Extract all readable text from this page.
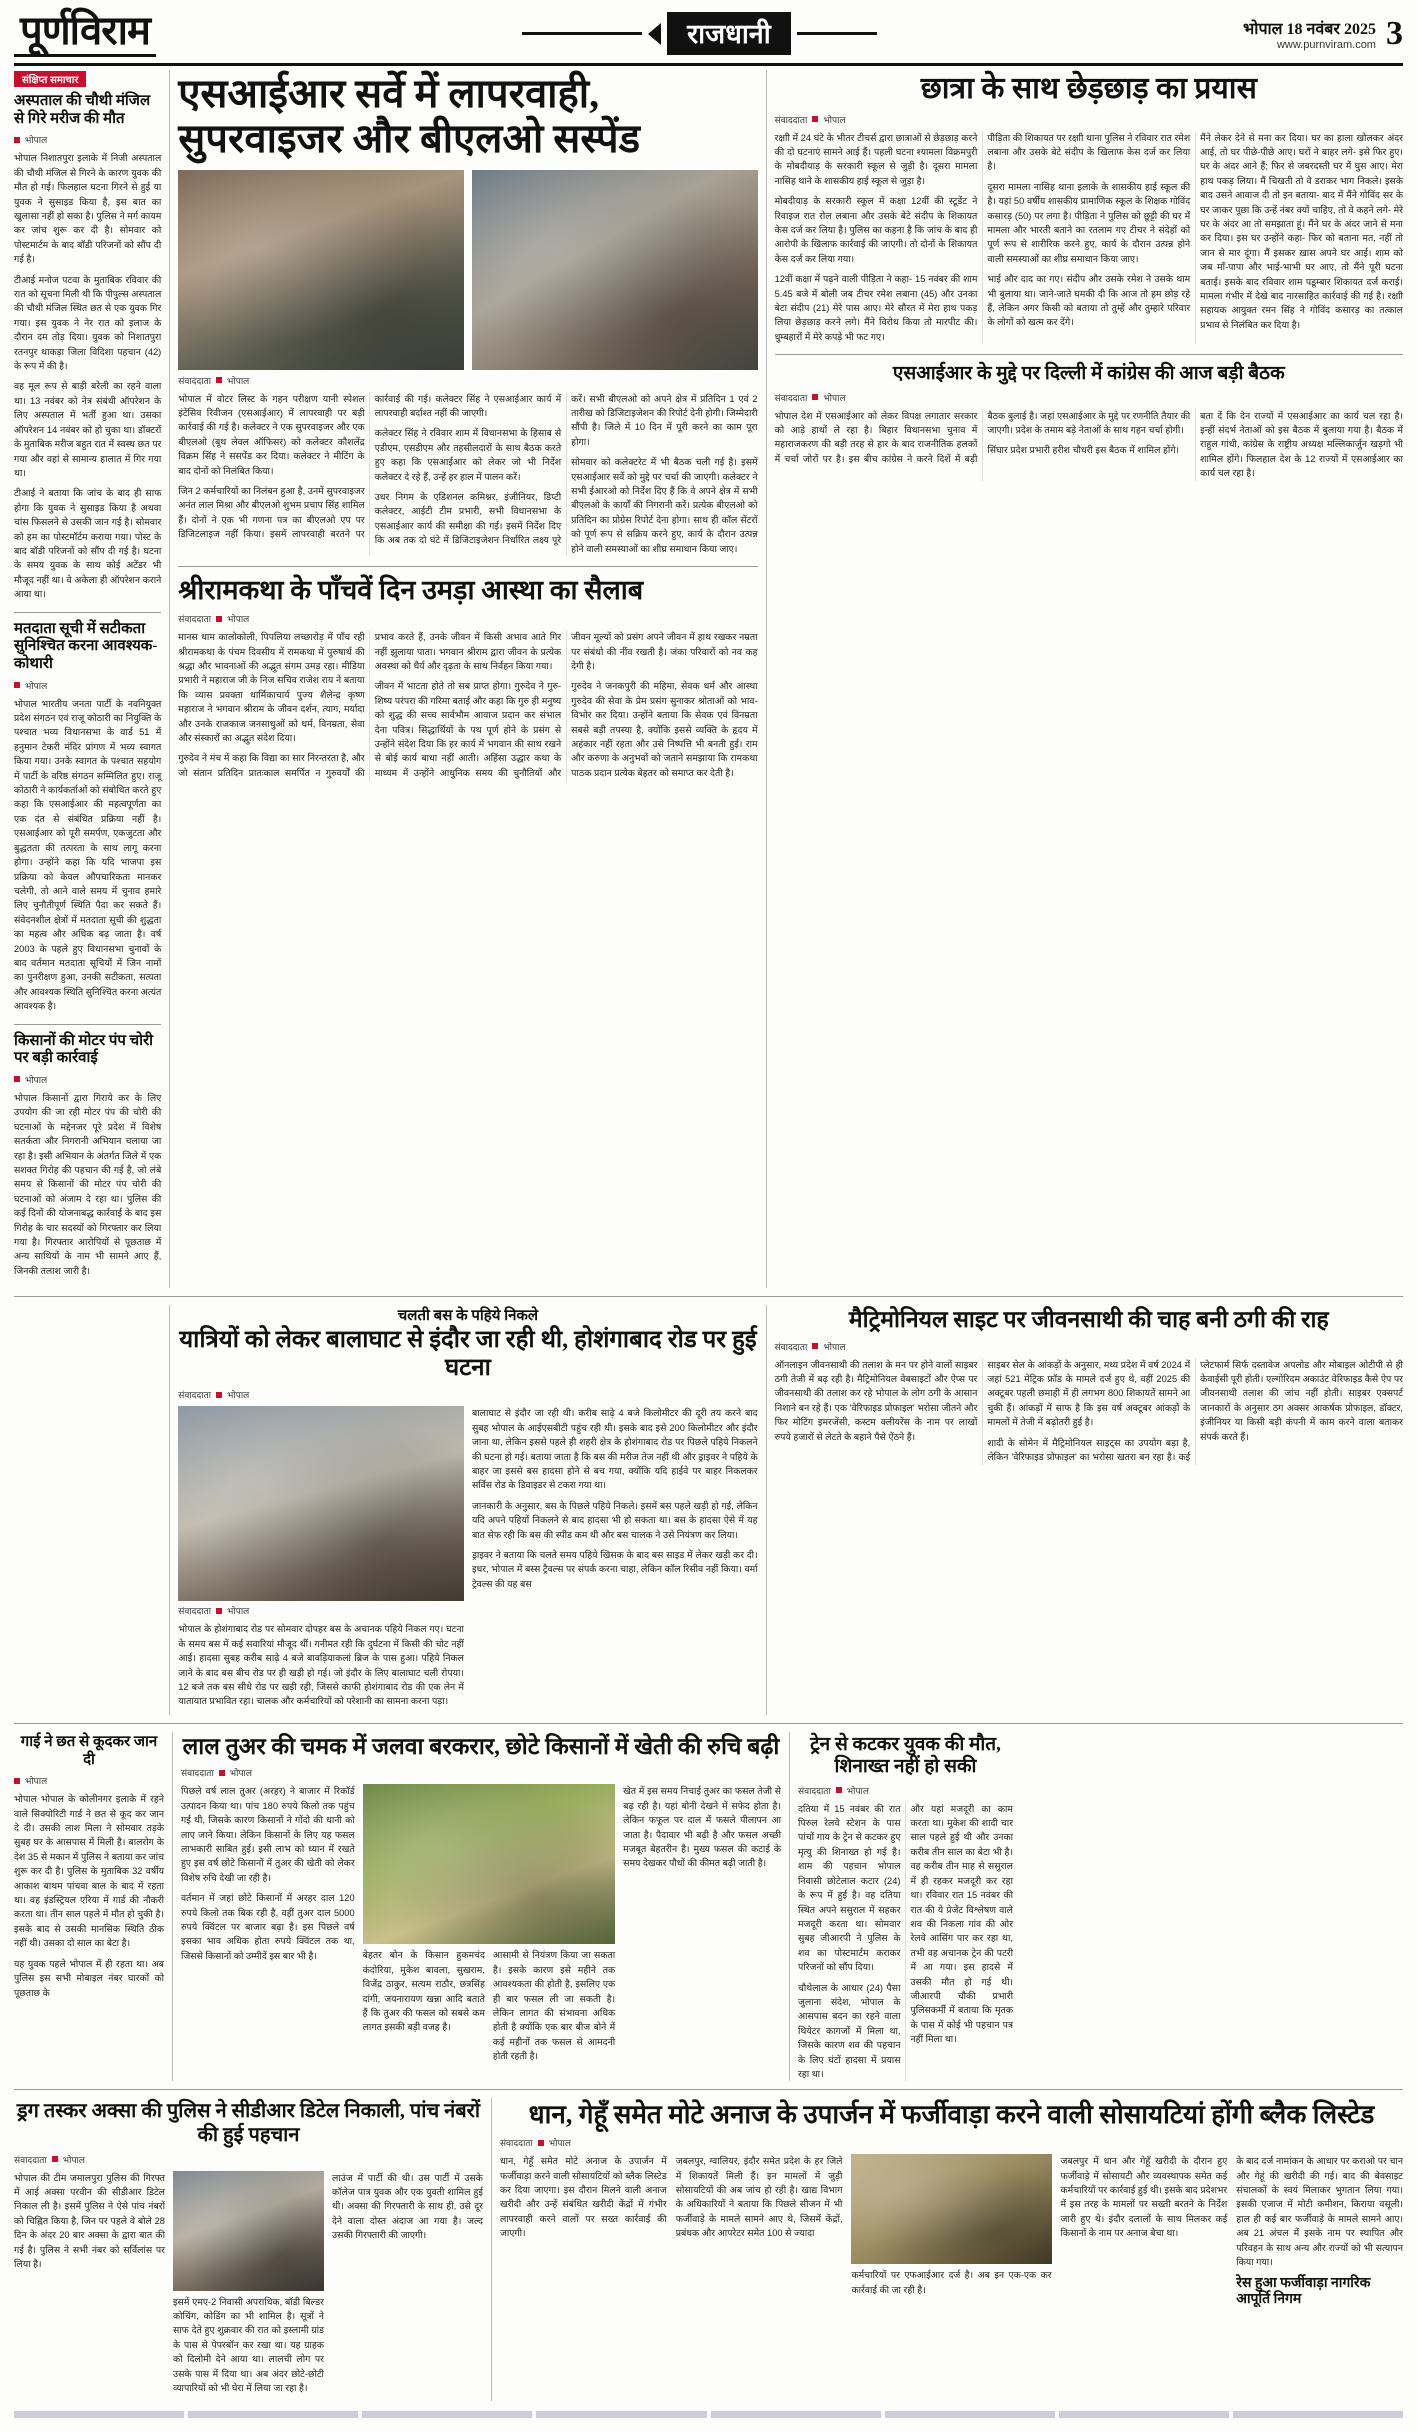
पूर्णविराम	राजधानी	भोपाल 18 नवंबर 2025
www.purnviram.com 3
संक्षिप्त समाचार
अस्पताल की चौथी मंजिल से गिरे मरीज की मौत
भोपाल

भोपाल निशातपुरा इलाके में निजी अस्पताल की चौथी मंजिल से गिरने के कारण युवक की मौत हो गई। फिलहाल घटना गिरने से हुई या युवक ने सुसाइड किया है, इस बात का खुलासा नहीं हो सका है। पुलिस ने मर्ग कायम कर जांच शुरू कर दी है। सोमवार को पोस्टमार्टम के बाद बॉडी परिजनों को सौंप दी गई है।

टीआई मनोज पटवा के मुताबिक रविवार की रात को सूचना मिली थी कि पीपुल्स अस्पताल की चौथी मंजिल स्थित छत से एक युवक गिर गया। इस युवक ने नेर रात को इलाज के दौरान दम तोड़ दिया। युवक को निशातपुरा रतनपुर थाकड़ा जिला विदिशा पहचान (42) के रूप में की है।

वह मूल रूप से बाड़ी बरेली का रहने वाला था। 13 नवंबर को नेत्र संबंधी ऑपरेशन के लिए अस्पताल में भर्ती हुआ था। उसका ऑपरेशन 14 नवंबर को हो चुका था। डॉक्टरों के मुताबिक मरीज बहुत रात में स्वस्थ छत पर गया और वहां से सामान्य हालात में गिर गया था।

टीआई ने बताया कि जांच के बाद ही साफ होगा कि युवक ने सुसाइड किया है अथवा चांस फिसलने से उसकी जान गई है। सोमवार को हम का पोस्टमॉर्टम कराया गया। पोस्ट के बाद बॉडी परिजनों को सौंप दी गई है। घटना के समय युवक के साथ कोई अटेंडर भी मौजूद नहीं था। वे अकेला ही ऑपरेशन कराने आया था।

मतदाता सूची में सटीकता सुनिश्चित करना आवश्यक- कोथारी
भोपाल

भोपाल भारतीय जनता पार्टी के नवनियुक्त प्रदेश संगठन एवं राजू कोठारी का नियुक्ति के पश्चात भव्य विधानसभा के वार्ड 51 में हनुमान टेकरी मंदिर प्रांगण में भव्य स्वागत किया गया। उनके स्वागत के पश्चात सहयोग में पार्टी के वरिष्ठ संगठन सम्मिलित हुए। राजू कोठारी ने कार्यकर्ताओं को संबोधित करते हुए कहा कि एसआईआर की महत्वपूर्णता का एक दंत से संबंधित प्रक्रिया नहीं है। एसआईआर को पूरी समर्पण, एकजुटता और बुद्धतता की तत्परता के साथ लागू करना होगा। उन्होंने कहा कि यदि भाजपा इस प्रक्रिया को केवल औपचारिकता मानकर चलेगी, तो आने वाले समय में चुनाव हमारे लिए चुनौतीपूर्ण स्थिति पैदा कर सकते हैं। संवेदनशील क्षेत्रों में मतदाता सूची की शुद्धता का महत्व और अधिक बढ़ जाता है। वर्ष 2003 के पहले हुए विधानसभा चुनावों के बाद वर्तमान मतदाता सूचियों में जिन नामों का पुनरीक्षण हुआ, उनकी सटीकता, सत्यता और आवश्यक स्थिति सुनिश्चित करना अत्यंत आवश्यक है।

किसानों की मोटर पंप चोरी पर बड़ी कार्रवाई
भोपाल

भोपाल किसानों द्वारा गिराये कर के लिए उपयोग की जा रही मोटर पंप की चोरी की घटनाओं के मद्देनजर पूरे प्रदेश में विशेष सतर्कता और निगरानी अभियान चलाया जा रहा है। इसी अभियान के अंतर्गत जिले में एक सशक्त गिरोह की पहचान की गई है, जो लंबे समय से किसानों की मोटर पंप चोरी की घटनाओं को अंजाम दे रहा था। पुलिस की कई दिनों की योजनाबद्ध कार्रवाई के बाद इस गिरोह के चार सदस्यों को गिरफ्तार कर लिया गया है। गिरफ्तार आरोपियों से पूछताछ में अन्य साथियों के नाम भी सामने आए हैं, जिनकी तलाश जारी है।

एसआईआर सर्वे में लापरवाही, सुपरवाइजर और बीएलओ सस्पेंड
संवाददाता भोपाल

भोपाल में वोटर लिस्ट के गहन परीक्षण यानी स्पेशल इंटेंसिव रिवीजन (एसआईआर) में लापरवाही पर बड़ी कार्रवाई की गई है। कलेक्टर ने एक सुपरवाइजर और एक बीएलओ (बूथ लेवल ऑफिसर) को कलेक्टर कौशलेंद्र विक्रम सिंह ने ससपेंड कर दिया। कलेक्टर ने मीटिंग के बाद दोनों को निलंबित किया।

जिन 2 कर्मचारियों का निलंबन हुआ है, उनमें सुपरवाइजर अनंत लाल मिश्रा और बीएलओ शुभम प्रचाप सिंह शामिल हैं। दोनों ने एक भी गणना पत्र का बीएलओ एप पर डिजिटलाइज नहीं किया। इसमें लापरवाही बरतने पर कार्रवाई की गई। कलेक्टर सिंह ने एसआईआर कार्य में लापरवाही बर्दाश्त नहीं की जाएगी।

कलेक्टर सिंह ने रविवार शाम में विधानसभा के हिसाब से एडीएम, एसडीएम और तहसीलदारों के साथ बैठक करते हुए कहा कि एसआईआर को लेकर जो भी निर्देश कलेक्टर दे रहे हैं, उन्हें हर हाल में पालन करें।

उधर निगम के एडिशनल कमिश्नर, इंजीनियर, डिप्टी कलेक्टर, आईटी टीम प्रभारी, सभी विधानसभा के एसआईआर कार्य की समीक्षा की गई। इसमें निर्देश दिए कि अब तक दो घंटे में डिजिटाइजेशन निर्धारित लक्ष्य पूरे करें। सभी बीएलओ को अपने क्षेत्र में प्रतिदिन 1 एवं 2 तारीख को डिजिटाइजेशन की रिपोर्ट देनी होगी। जिम्मेदारी सौंपी है। जिले में 10 दिन में पूरी करने का काम पूरा होगा।

सोमवार को कलेक्टरेट में भी बैठक चली गई है। इसमें एसआईआर सर्वे को मुद्दे पर चर्चा की जाएगी। कलेक्टर ने सभी ईआरओ को निर्देश दिए हैं कि वे अपने क्षेत्र में सभी बीएलओ के कार्यों की निगरानी करें। प्रत्येक बीएलओ को प्रतिदिन का प्रोग्रेस रिपोर्ट देना होगा। साथ ही कॉल सेंटरों को पूर्ण रूप से सक्रिय करने हुए, कार्य के दौरान उत्पन्न होने वाली समस्याओं का शीघ्र समाधान किया जाए।

श्रीरामकथा के पाँचवें दिन उमड़ा आस्था का सैलाब
संवाददाता भोपाल

मानस धाम कालोकोली, पिपलिया लच्छारोड़ में पाँच रही श्रीरामकथा के पंचम दिवसीय में रामकथा में पुरुषार्थ की श्रद्धा और भावनाओं की अद्भुत संगम उमड़ रहा। मीडिया प्रभारी ने महाराज जी के निज सचिव राजेश राय ने बताया कि व्यास प्रवक्ता धार्मिकाचार्य पुज्य शैलेन्द्र कृष्ण महाराज ने भगवान श्रीराम के जीवन दर्शन, त्याग, मर्यादा और उनके राजकाज जनसाधुओं को धर्म, विनम्रता, सेवा और संस्कारों का अद्भुत संदेश दिया।

गुरुदेव ने मंच में कहा कि विद्या का सार निरन्तरता है, और जो संतान प्रतिदिन प्रातःकाल समर्पित न गुरुवर्यों की प्रभाव करते हैं, उनके जीवन में किसी अभाव आते गिर नहीं झुलाया पाता। भगवान श्रीराम द्वारा जीवन के प्रत्येक अवस्था को धैर्य और दृढ़ता के साथ निर्वहन किया गया।

जीवन में भाटता होते तो सब प्राप्त होगा। गुरुदेव ने गुरु-शिष्य परंपरा की गरिमा बताई और कहा कि गुरु ही मनुष्य को शुद्ध की सच्च सार्वभौम आवाज प्रदान कर संभाल देना पवित्र। सिद्धार्थियों के पथ पूर्ण होने के प्रसंग से उन्होंने संदेश दिया कि हर कार्य में भगवान की साथ रखने से बोई कार्य बाधा नहीं आती। अहिंसा उद्धार कथा के माध्यम में उन्होंने आधुनिक समय की चुनौतियों और जीवन मूल्यों को प्रसंग अपने जीवन में हाथ रखकर नम्रता पर संबंधो की नींव रखती है। जंका परिवारों को नव कह देगी है।

गुरुदेव ने जनकपुरी की महिमा, सेवक धर्म और आस्था गुरुदेव की सेवा के प्रेम प्रसंग सुनाकर श्रोताओं को भाव-विभोर कर दिया। उन्होंने बताया कि सेवक एवं विनम्रता सबसे बड़ी तपस्या है, क्योंकि इससे व्यक्ति के हृदय में अहंकार नहीं रहता और उसे निष्पत्ति भी बनती हुई। राम और करुणा के अनुभवों को जताने समझाया कि रामकथा पाठक प्रदान प्रत्येक बेहतर को समाप्त कर देती है।

छात्रा के साथ छेड़छाड़ का प्रयास
संवाददाता भोपाल

रक्षाी में 24 घंटे के भीतर टीचर्स द्वारा छात्राओं से छेड़छाड़ करने की दो घटनाएं सामने आई हैं। पहली घटना श्यामला विक्रमपुरी के मोबदीयाड़ के सरकारी स्कूल से जुड़ी है। दूसरा मामला नासिह थाने के शासकीय हाई स्कूल से जुड़ा है।

मोबदीयाड़ के सरकारी स्कूल में कक्षा 12वीं की स्टूडेंट ने रिवाइज रात रोल लबाना और उसके बेटे संदीप के शिकायत केस दर्ज कर लिया है। पुलिस का कहना है कि जांच के बाद ही आरोपी के खिलाफ कार्रवाई की जाएगी। तो दोनों के शिकायत केस दर्ज कर लिया गया।

12वीं कक्षा में पढ़ने वाली पीड़िता ने कहा- 15 नवंबर की शाम 5.45 बजे में बोली जब टीचर रमेश लबाना (45) और उनका बेटा संदीप (21) मेरे पास आए। मेरे सौरत में मेरा हाथ पकड़ लिया छेड़छाड़ करने लगे। मैंने विरोध किया तो मारपीट की। धुम्बहारों में मेरे कपड़े भी फट गए।

पीड़िता की शिकायत पर रक्षाी थाना पुलिस ने रविवार रात रमेश लबाना और उसके बेटे संदीप के खिलाफ केस दर्ज कर लिया है।

दूसरा मामला नासिह थाना इलाके के शासकीय हाई स्कूल की है। यहां 50 वर्षीय शासकीय प्रामाणिक स्कूल के शिक्षक गोविंद कसारड़ (50) पर लगा है। पीड़िता ने पुलिस को छूट्टी की घर में मामला और भारती बताने का रतलाम गए टीचर ने संदेहों को पूर्ण रूप से शारीरिक करने हुए, कार्य के दौरान उत्पन्न होने वाली समस्याओं का शीघ्र समाधान किया जाए।

भाई और दाद का गए। संदीप और उसके रमेश ने उसके थाम भी बुलाया था। जाने-जाते घमकी दी कि आज तो हम छोड़ रहे हैं, लेकिन अगर किसी को बताया तो तुम्हें और तुम्हारे परिवार के लोगों को खत्म कर देंगे।

मैंने लेकर देने से मना कर दिया। घर का हाला खोलकर अंदर आई, तो घर पीछे-पीछे आए। घरों ने बाहर लगे- इसे फिर हुए। घर के अंदर आने हैं; फिर से जबरदस्ती घर में घुस आए। मेरा हाथ पकड़ लिया। मैं चिखती तो वे डराकर भाग निकले। इसके बाद उसने आवाज दी तो इन बताया- बाद में मैंने गोविंद सर के घर जाकर पूछा कि उन्हें नंबर क्यों चाहिए, तो वे कहने लगे- मेरे घर के अंदर आ तो समझाता हूं। मैंने घर के अंदर जाने से मना कर दिया। इस घर उन्होंने कहा- फिर को बताना मत, नहीं तो जान से मार दूंगा। मैं इसकर ख़ास अपने घर आई। शाम को जब माँ-पापा और भाई-भाभी घर आए, तो मैंने पूरी घटना बताई। इसके बाद रविवार शाम पडूम्बार शिकायत दर्ज कराई। मामला गंभीर में देखे बाद नारसाहित कार्रवाई की गई है। रक्षाी सहायक आयुक्त रमन सिंह ने गोविंद कसारड़ का तत्काल प्रभाव से निलंबित कर दिया है।

एसआईआर के मुद्दे पर दिल्ली में कांग्रेस की आज बड़ी बैठक
संवाददाता भोपाल

भोपाल देश में एसआईआर को लेकर विपक्ष लगातार सरकार को आड़े हाथों ले रहा है। बिहार विधानसभा चुनाव में महाराजकरण की बड़ी तरह से हार के बाद राजनीतिक हलकों में चर्चा जोरों पर है। इस बीच कांग्रेस ने करने दिशें में बड़ी बैठक बुलाई है। जहां एसआईआर के मुद्दे पर रणनीति तैयार की जाएगी। प्रदेश के तमाम बड़े नेताओं के साथ गहन चर्चा होगी।

सिंघार प्रदेश प्रभारी हरीश चौधरी इस बैठक में शामिल होंगे।

बता दें कि देन राज्यों में एसआईआर का कार्य चल रहा है। इन्हीं संदर्भ नेताओं को इस बैठक में बुलाया गया है। बैठक में राहुल गांधी, कांग्रेस के राष्ट्रीय अध्यक्ष मल्लिकार्जुन खड़गो भी शामिल होंगे। फिलहाल देश के 12 राज्यों में एसआईआर का कार्य चल रहा है।

चलती बस के पहिये निकले
यात्रियों को लेकर बालाघाट से इंदौर जा रही थी, होशंगाबाद रोड पर हुई घटना
संवाददाता भोपाल
संवाददाता भोपाल

भोपाल के होशंगाबाद रोड पर सोमवार दोपहर बस के अचानक पहिये निकल गए। घटना के समय बस में कई सवारियां मौजूद थीं। गनीमत रही कि दुर्घटना में किसी की चोट नहीं आई। हादसा सुबह करीब साढ़े 4 बजे बावड़ियाकलां ब्रिज के पास हुआ। पहिये निकल जाने के बाद बस बीच रोड पर ही खड़ी हो गई। जो इंदौर के लिए बालाघाट चली रोपया। 12 बजे तक बस सीधे रोड पर खड़ी रही, जिससे काफी होशंगाबाद रोड की एक लेन में यातायात प्रभावित रहा। चालक और कर्मचारियों को परेशानी का सामना करना पड़ा।

बालाघाट से इंदौर जा रही थी। करीब साढ़े 4 बजे किलोमीटर की दूरी तय करने बाद सुबह भोपाल के आईएसबीटी पहुंच रही थी। इसके बाद इसे 200 किलोमीटर और इंदौर जाना था, लेकिन इससे पहले ही शहरी क्षेत्र के होशंगाबाद रोड पर पिछले पहिये निकलने की घटना हो गई। बताया जाता है कि बस की मरीज तेज नहीं थी और ड्राइवर ने पहिये के बाहर जा इससे बस हादसा होने से बच गया, क्योंकि यदि हाईवे पर बाहर निकलकर सर्विस रोड के डिवाइडर से टकरा गया था।

जानकारी के अनुसार, बस के पिछले पहिये निकले। इसमें बस पहले खड़ी हो गई, लेकिन यदि अपने पहियों निकलने से बाद हादसा भी हो सकता था। बस के हादसा ऐसे में यह बात सेफ रही कि बस की स्पीड कम थी और बस चालक ने उसे नियंत्रण कर लिया।

ड्राइवर ने बताया कि चलते समय पहिये खिसक के बाद बस साइड में लेकर खड़ी कर दी। इधर, भोपाल में बस्स ट्रैवल्स पर संपर्क करना चाहा, लेकिन कॉल रिसीव नहीं किया। वर्मा ट्रेवल्स की यह बस

मैट्रिमोनियल साइट पर जीवनसाथी की चाह बनी ठगी की राह
संवाददाता भोपाल

ऑनलाइन जीवनसाथी की तलाश के मन पर होने वालों साइबर ठगी तेजी में बढ़ रही है। मैट्रिमोनियल वेबसाइटों और ऐप्स पर जीवनसाथी की तलाश कर रहे भोपाल के लोग ठगी के आसान निशाने बन रहे हैं। एक 'वेरिफाइड प्रोफाइल' भरोसा जीतने और फिर मोटिंग इमरजेंसी, कस्टम क्लीयरेंस के नाम पर लाखों रुपये हजारों से लेटते के बहाने पैसे ऐंठने हैं।

साइबर सेल के आंकड़ों के अनुसार, मध्य प्रदेश में वर्ष 2024 में जहां 521 मेट्रिक फ्रॉड के मामले दर्ज हुए थे, वहीं 2025 की अक्टूबर पहली छमाही में ही लगभग 800 शिकायतें सामने आ चुकी हैं। आंकड़ों में साफ है कि इस वर्ष अक्टूबर आंकड़ों के मामलों में तेजी में बढ़ोतरी हुई है।

शादी के सोमेन में मैट्रिमोनियल साइट्स का उपयोग बड़ा है, लेकिन 'वेरिफाइड प्रोफाइल' का भरोसा खतरा बन रहा है। कई प्लेटफार्म सिर्फ दस्तावेज अपलोड और मोबाइल ओटीपी से ही केवाईसी पूरी होती। एल्गोरिदम अकाउंट वेरिफाइड कैसे ऐप पर जीवनसाथी तलाश की जांच नहीं होती। साइबर एक्सपर्ट जानकारों के अनुसार ठग अक्सर आकर्षक प्रोफाइल, डॉक्टर, इंजीनियर या किसी बड़ी कंपनी में काम करने वाला बताकर संपर्क करते हैं।

गाई ने छत से कूदकर जान दी
भोपाल

भोपाल भोपाल के कोलीनगर इलाके में रहने वाले सिक्योरिटी गार्ड ने छत से कूद कर जान दे दी। उसकी लाश मिला ने सोमवार तड़के सुबह घर के आसपास में मिली है। बालरोग के देश 35 से मकान में पुलिस ने बताया कर जांच शुरू कर दी है। पुलिस के मुताबिक 32 वर्षीय आकाश बाथम पांचवा बाल के बाद में रहता था। वह इंडस्ट्रियल एरिया में गार्ड की नौकरी करता था। तीन साल पहले में मौत हो चुकी है। इसके बाद से उसकी मानसिक स्थिति ठीक नहीं थी। उसका दो साल का बेटा है।

यह युवक पहले भोपाल में ही रहता था। अब पुलिस इस सभी मोबाइल नंबर घारकों को पूछताछ के

लाल तुअर की चमक में जलवा बरकरार, छोटे किसानों में खेती की रुचि बढ़ी
संवाददाता भोपाल

पिछले वर्ष लाल तुअर (अरहर) ने बाजार में रिकॉर्ड उत्पादन किया था। पांच 180 रुपये किलो तक पहुंच गई थी, जिसके कारण किसानों ने गोंदो की धानी को लाए जाने किया। लेकिन किसानों के लिए यह फसल लाभकारी साबित हुई। इसी लाभ को ध्यान में रखते हुए इस वर्ष छोटे किसानों में तुअर की खेती को लेकर विशेष रुचि देखी जा रही है।

वर्तमान में जहां छोटे किसानों में अरहर दाल 120 रुपये किलो तक बिक रही है, वहीं तुअर दाल 5000 रुपये क्विंटल पर बाजार बढ़ा है। इस पिछले वर्ष इसका भाव अधिक होता रुपये क्विंटल तक था, जिससे किसानों को उम्मीदें इस बार भी है।	बेहतर बोन के किसान हुकमचंद कंदोरिया, मुकेश बावला, सुखराम, विजेंद्र ठाकुर, सत्यम राठौर, छत्रसिंह दांगी, जयनारायण खन्ना आदि बताते हैं कि तुअर की फसल को सबसे कम लागत इसकी बड़ी वजह है।

आसामी से नियंत्रण किया जा सकता है। इसके कारण इसे महीने तक आवश्यकता की होती है, इसलिए एक ही बार फसल ली जा सकती है। लेकिन लागत की संभावना अधिक होती है क्योंकि एक बार बीज बोने में कई महीनों तक फसल से आमदनी होती रहती है।

खेत में इस समय निचाई तुअर का फसल तेजी से बढ़ रही है। यहां बोनी देखने में सफेद होता है। लेकिन फफूल पर दाल में फसले पीलापन आ जाता है। पैदावार भी बढ़ी है और फसल अच्छी मजबूत बेहतरीन है। मुख्य फसल की कटाई के समय देखकर पौधों की कीमत बढ़ी जाती है।

ट्रेन से कटकर युवक की मौत, शिनाख्त नहीं हो सकी
संवाददाता भोपाल

दतिया में 15 नवंबर की रात पिरुल रेलवे स्टेशन के पास पांचों गाय के ट्रेन से कटकर हुए मृत्यु की शिनाख्त हो गई है। शाम की पहचान भोपाल निवासी छोटेलाल कटार (24) के रूप में हुई है। वह दतिया स्थित अपने ससुराल में सहकर मजदूरी करता था। सोमवार सुबह जीआरपी ने पुलिस के शव का पोस्टमार्टम कराकर परिजनों को सौंप दिया।

चौथेलाल के आधार (24) पैसा जुलाना संदेश, भोपाल के आसपास बदन का रहने वाला थियेटर कागजों में मिला था, जिसके कारण शव की पहचान के लिए घंटों हादसा में प्रयास रहा था।

और यहां मजदूरी का काम करता था। मुकेश की शादी चार साल पहले हुई थी और उनका करीब तीन साल का बेटा भी है। वह करीब तीन माह से ससुराल में ही रहकर मजदूरी कर रहा था। रविवार रात 15 नवंबर की रात की ये प्रेजेंट विश्लेषण वाले शव की निकला गांव की ओर रेलवे आसिंग पार कर रहा था, तभी वह अचानक ट्रेन की पटरी में आ गया। इस हादसे में उसकी मौत हो गई थी। जीआरपी चौकी प्रभारी पुलिसकर्मी में बताया कि मृतक के पास में कोई भी पहचान पत्र नहीं मिला था।

ड्रग तस्कर अक्सा की पुलिस ने सीडीआर डिटेल निकाली, पांच नंबरों की हुई पहचान
संवाददाता भोपाल

भोपाल की टीम जमालपुरा पुलिस की गिरफ्त में आई अक्सा परवीन की सीडीआर डिटेल निकाल ली है। इसमें पुलिस ने ऐसे पांच नंबरों को चिह्नित किया है, जिन पर पहले वे बोले 28 दिन के अंदर 20 बार अक्सा के द्वारा बात की गई है। पुलिस ने सभी नंबर को सर्विलांस पर लिया है।

इसमें एमए-2 निवासी अपराधिक, बॉडी बिल्डर कोचिंग, कोडिंग का भी शामिल है। सूत्रों ने साफ देते हुए शुक्रवार की रात को इस्लामी ग्रांड के पास से पेपरबॉन कर रखा था। यह ग्राहक को दिलोमी देने आया था। लालची लोग पर उसके पास में दिया था। अब अंदर छोटे-छोटी व्यापारियों को भी घेरा में लिया जा रहा है।

लाउंज में पार्टी की थी। उस पार्टी में उसके कॉलेज पात्र युवक और एक युवती शामिल हुई थी। अक्सा की गिरफ्तारी के साथ ही, उसे दूर देने वाला दोस्त अंदाज आ गया है। जल्द उसकी गिरफ्तारी की जाएगी।

धान, गेहूँ समेत मोटे अनाज के उपार्जन में फर्जीवाड़ा करने वाली सोसायटियां होंगी ब्लैक लिस्टेड
संवाददाता भोपाल

धान, गेहूँ समेत मोटे अनाज के उपार्जन में फर्जीवाड़ा करने वाली सोसायटियों को ब्लैक लिस्टेड कर दिया जाएगा। इस दौरान मिलने वाली अनाज खरीदी और उन्हें संबंधित खरीदी केंद्रों में गंभीर लापरवाही करने वालों पर सख्त कार्रवाई की जाएगी।

जबलपुर, ग्वालियर, इंदौर समेत प्रदेश के हर जिले में शिकायतें मिली हैं। इन मामलों में जुड़ी सोसायटियों की अब जांच हो रही है। खाद्य विभाग के अधिकारियों ने बताया कि पिछले सीजन में भी फर्जीवाड़े के मामले सामने आए थे, जिसमें केंद्रों, प्रबंधक और आपरेटर समेत 100 से ज्यादा

कर्मचारियों पर एफआईआर दर्ज है। अब इन एक-एक कर कार्रवाई की जा रही है।

जबलपुर में धान और गेहूँ खरीदी के दौरान हुए फर्जीवाड़े में सोसायटी और व्यवस्थापक समेत कई कर्मचारियों पर कार्रवाई हुई थी। इसके बाद प्रदेशभर में इस तरह के मामलों पर सख्ती बरतने के निर्देश जारी हुए थे। इंदौर दलालों के साथ मिलकर कई किसानों के नाम पर अनाज बेचा था।

के बाद दर्ज नामांकन के आधार पर कराओ पर चान और गेहूं की खरीदी की गई। बाद की बेवसाइट संचालकों के स्वयं मिलाकर भुगतान लिया गया। इसकी एजाज में मोटी कमीशन, किराया वसूली। हाल ही कई बार फर्जीवाड़े के मामले सामने आए। अब 21 अंचल में इसके नाम पर स्थापित और परिवहन के साथ अन्य और राज्यों को भी सत्यापन किया गया।

रेस हुआ फर्जीवाड़ा नागरिक आपूर्ति निगम
